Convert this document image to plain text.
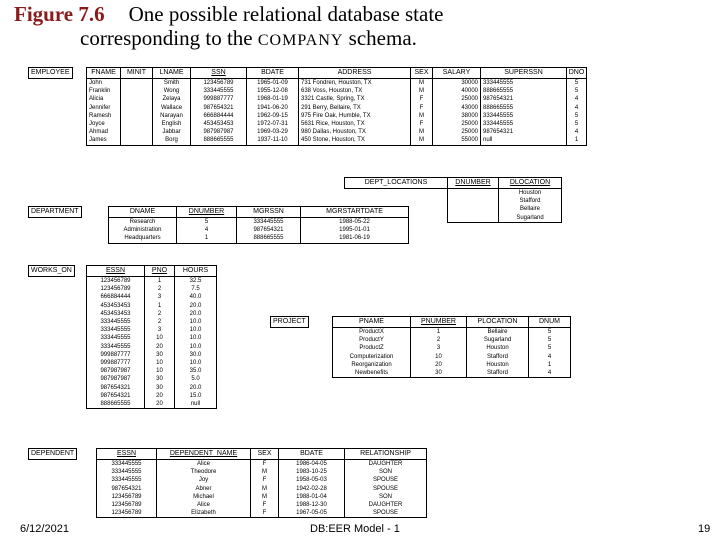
Figure 7.6 One possible relational database state
corresponding to the COMPANY schema.
EMPLOYEE	FNAME	MINIT	LNAME	SSN	BDATE	ADDRESS	SEX	SALARY	SUPERSSN	DNO
John		Smith	123456789	1965-01-09	731 Fondren, Houston, TX	M	30000	333445555	5
Franklin		Wong	333445555	1955-12-08	638 Voss, Houston, TX	M	40000	888665555	5
Alicia		Zelaya	999887777	1968-01-19	3321 Castle, Spring, TX	F	25000	987654321	4
Jennifer		Wallace	987654321	1941-06-20	291 Berry, Bellaire, TX	F	43000	888665555	4
Ramesh		Narayan	666884444	1962-09-15	975 Fire Oak, Humble, TX	M	38000	333445555	5
Joyce		English	453453453	1972-07-31	5631 Rice, Houston, TX	F	25000	333445555	5
Ahmad		Jabbar	987987987	1969-03-29	980 Dallas, Houston, TX	M	25000	987654321	4
James		Borg	888665555	1937-11-10	450 Stone, Houston, TX	M	55000	null	1
DEPT_LOCATIONS	DNUMBER	DLOCATION
		Houston
		Stafford
		Bellaire
		Sugarland
DEPARTMENT	DNAME	DNUMBER	MGRSSN	MGRSTARTDATE
Research	5	333445555	1988-05-22
Administration	4	987654321	1995-01-01
Headquarters	1	888665555	1981-06-19
WORKS_ON	ESSN	PNO	HOURS
123456789	1	32.5
123456789	2	7.5
666884444	3	40.0
453453453	1	20.0
453453453	2	20.0
333445555	2	10.0
333445555	3	10.0
333445555	10	10.0
333445555	20	10.0
999887777	30	30.0
999887777	10	10.0
987987987	10	35.0
987987987	30	5.0
987654321	30	20.0
987654321	20	15.0
888665555	20	null
PROJECT	PNAME	PNUMBER	PLOCATION	DNUM
ProductX	1	Bellaire	5
ProductY	2	Sugarland	5
ProductZ	3	Houston	5
Computerization	10	Stafford	4
Reorganization	20	Houston	1
Newbenefits	30	Stafford	4
DEPENDENT	ESSN	DEPENDENT_NAME	SEX	BDATE	RELATIONSHIP
333445555	Alice	F	1986-04-05	DAUGHTER
333445555	Theodore	M	1983-10-25	SON
333445555	Joy	F	1958-05-03	SPOUSE
987654321	Abner	M	1942-02-28	SPOUSE
123456789	Michael	M	1988-01-04	SON
123456789	Alice	F	1988-12-30	DAUGHTER
123456789	Elizabeth	F	1967-05-05	SPOUSE
6/12/2021	DB:EER Model - 1	19
